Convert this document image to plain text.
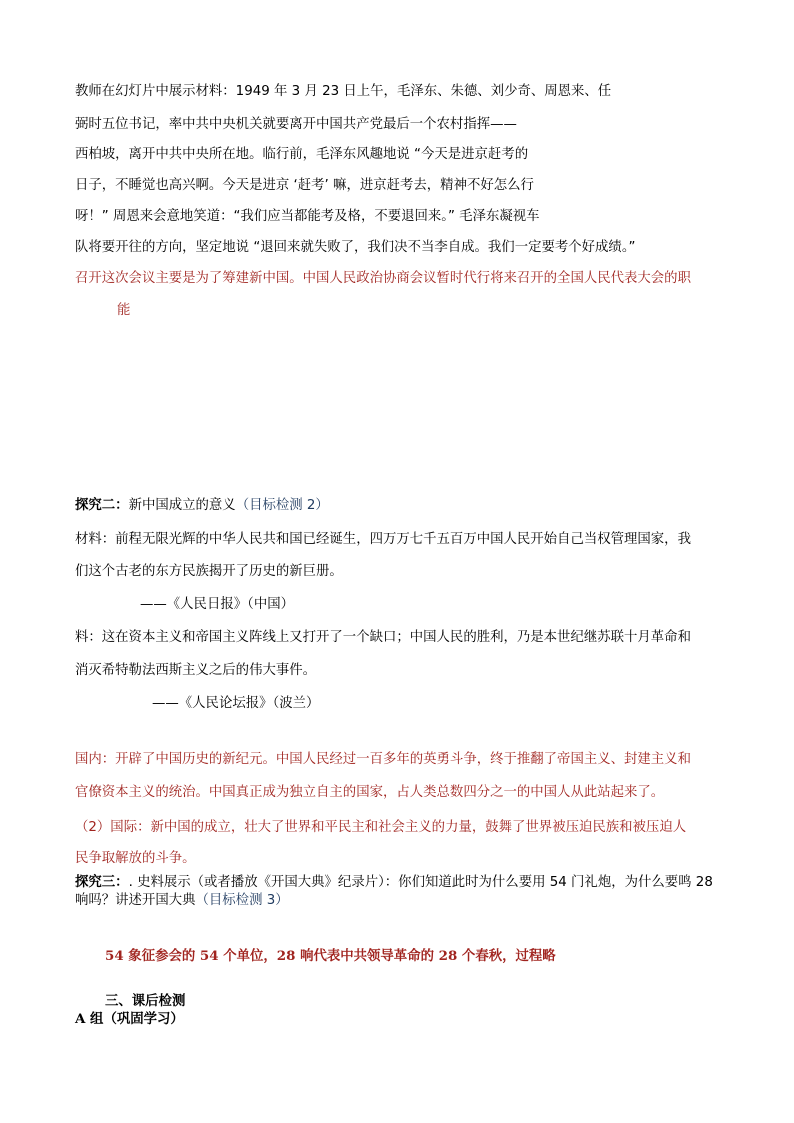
教师在幻灯片中展示材料：1949 年 3 月 23 日上午，毛泽东、朱德、刘少奇、周恩来、任
弼时五位书记，率中共中央机关就要离开中国共产党最后一个农村指挥——
西柏坡，离开中共中央所在地。临行前，毛泽东风趣地说 “今天是进京赶考的
日子，不睡觉也高兴啊。今天是进京 ‘赶考’ 嘛，进京赶考去，精神不好怎么行
呀！” 周恩来会意地笑道：“我们应当都能考及格，不要退回来。” 毛泽东凝视车
队将要开往的方向，坚定地说 “退回来就失败了，我们决不当李自成。我们一定要考个好成绩。”
召开这次会议主要是为了筹建新中国。中国人民政治协商会议暂时代行将来召开的全国人民代表大会的职
能
探究二：新中国成立的意义（目标检测 2）
材料：前程无限光辉的中华人民共和国已经诞生，四万万七千五百万中国人民开始自己当权管理国家，我
们这个古老的东方民族揭开了历史的新巨册。
——《人民日报》（中国）
料：这在资本主义和帝国主义阵线上又打开了一个缺口；中国人民的胜利，乃是本世纪继苏联十月革命和
消灭希特勒法西斯主义之后的伟大事件。
——《人民论坛报》（波兰）
国内：开辟了中国历史的新纪元。中国人民经过一百多年的英勇斗争，终于推翻了帝国主义、封建主义和
官僚资本主义的统治。中国真正成为独立自主的国家，占人类总数四分之一的中国人从此站起来了。
（2）国际：新中国的成立，壮大了世界和平民主和社会主义的力量，鼓舞了世界被压迫民族和被压迫人
民争取解放的斗争。
探究三：. 史料展示（或者播放《开国大典》纪录片）：你们知道此时为什么要用 54 门礼炮，为什么要鸣 28
响吗？讲述开国大典（目标检测 3）
54 象征参会的 54 个单位，28 响代表中共领导革命的 28 个春秋，过程略
三、课后检测
A 组（巩固学习）
